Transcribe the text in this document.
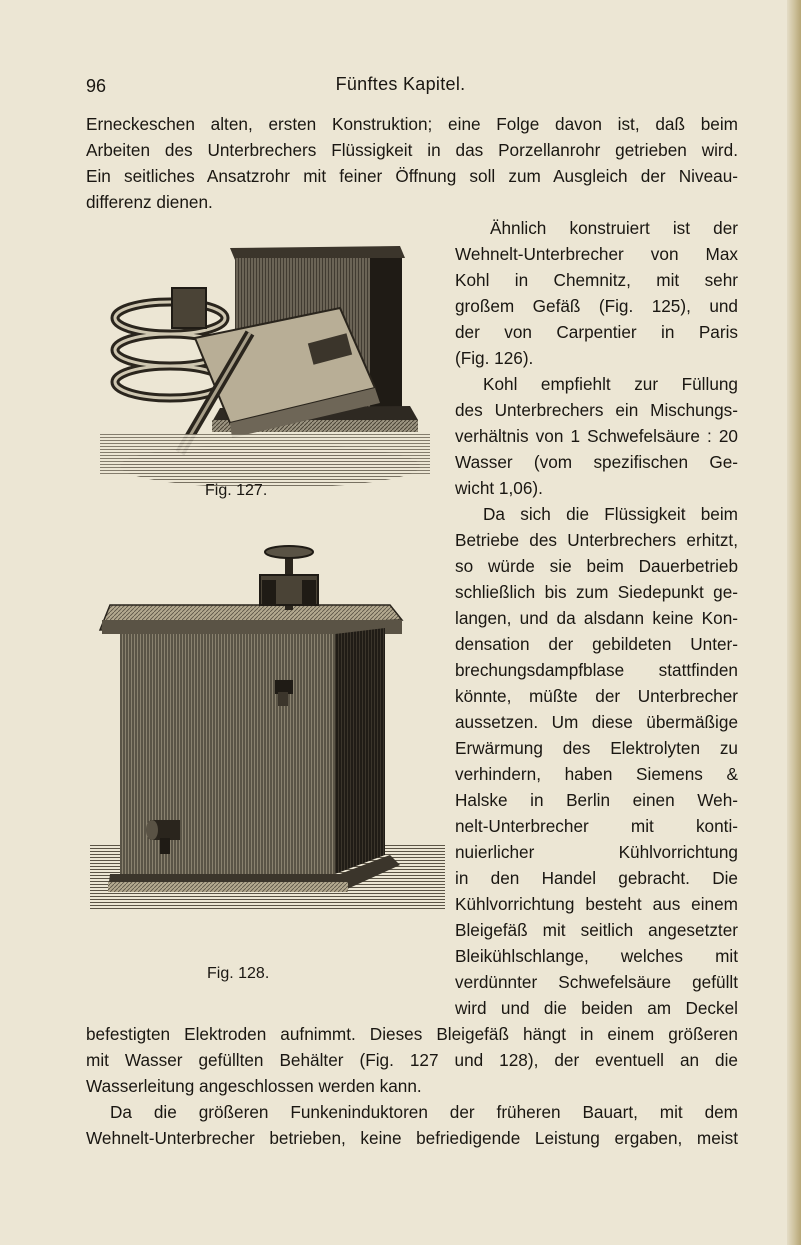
96	Fünftes Kapitel.
Erneckeschen alten, ersten Konstruktion; eine Folge davon ist, daß beim
Arbeiten des Unterbrechers Flüssigkeit in das Porzellanrohr getrieben wird.
Ein seitliches Ansatzrohr mit feiner Öffnung soll zum Ausgleich der Niveau-
differenz dienen.
Ähnlich konstruiert ist der
Wehnelt-Unterbrecher von Max
Kohl in Chemnitz, mit sehr
großem Gefäß (Fig. 125), und
der von Carpentier in Paris
(Fig. 126).
Kohl empfiehlt zur Füllung
des Unterbrechers ein Mischungs-
verhältnis von 1 Schwefelsäure : 20
Wasser (vom spezifischen Ge-
wicht 1,06).
Da sich die Flüssigkeit beim
Betriebe des Unterbrechers erhitzt,
so würde sie beim Dauerbetrieb
schließlich bis zum Siedepunkt ge-
langen, und da alsdann keine Kon-
densation der gebildeten Unter-
brechungsdampfblase stattfinden
könnte, müßte der Unterbrecher
aussetzen. Um diese übermäßige
Erwärmung des Elektrolyten zu
verhindern, haben Siemens &
Halske in Berlin einen Weh-
nelt-Unterbrecher mit konti-
nuierlicher Kühlvorrichtung
in den Handel gebracht. Die
Kühlvorrichtung besteht aus einem
Bleigefäß mit seitlich angesetzter
Bleikühlschlange, welches mit
verdünnter Schwefelsäure gefüllt
wird und die beiden am Deckel
befestigten Elektroden aufnimmt. Dieses Bleigefäß hängt in einem größeren
mit Wasser gefüllten Behälter (Fig. 127 und 128), der eventuell an die
Wasserleitung angeschlossen werden kann.
Da die größeren Funkeninduktoren der früheren Bauart, mit dem
Wehnelt-Unterbrecher betrieben, keine befriedigende Leistung ergaben, meist
Fig. 127.
Fig. 128.
